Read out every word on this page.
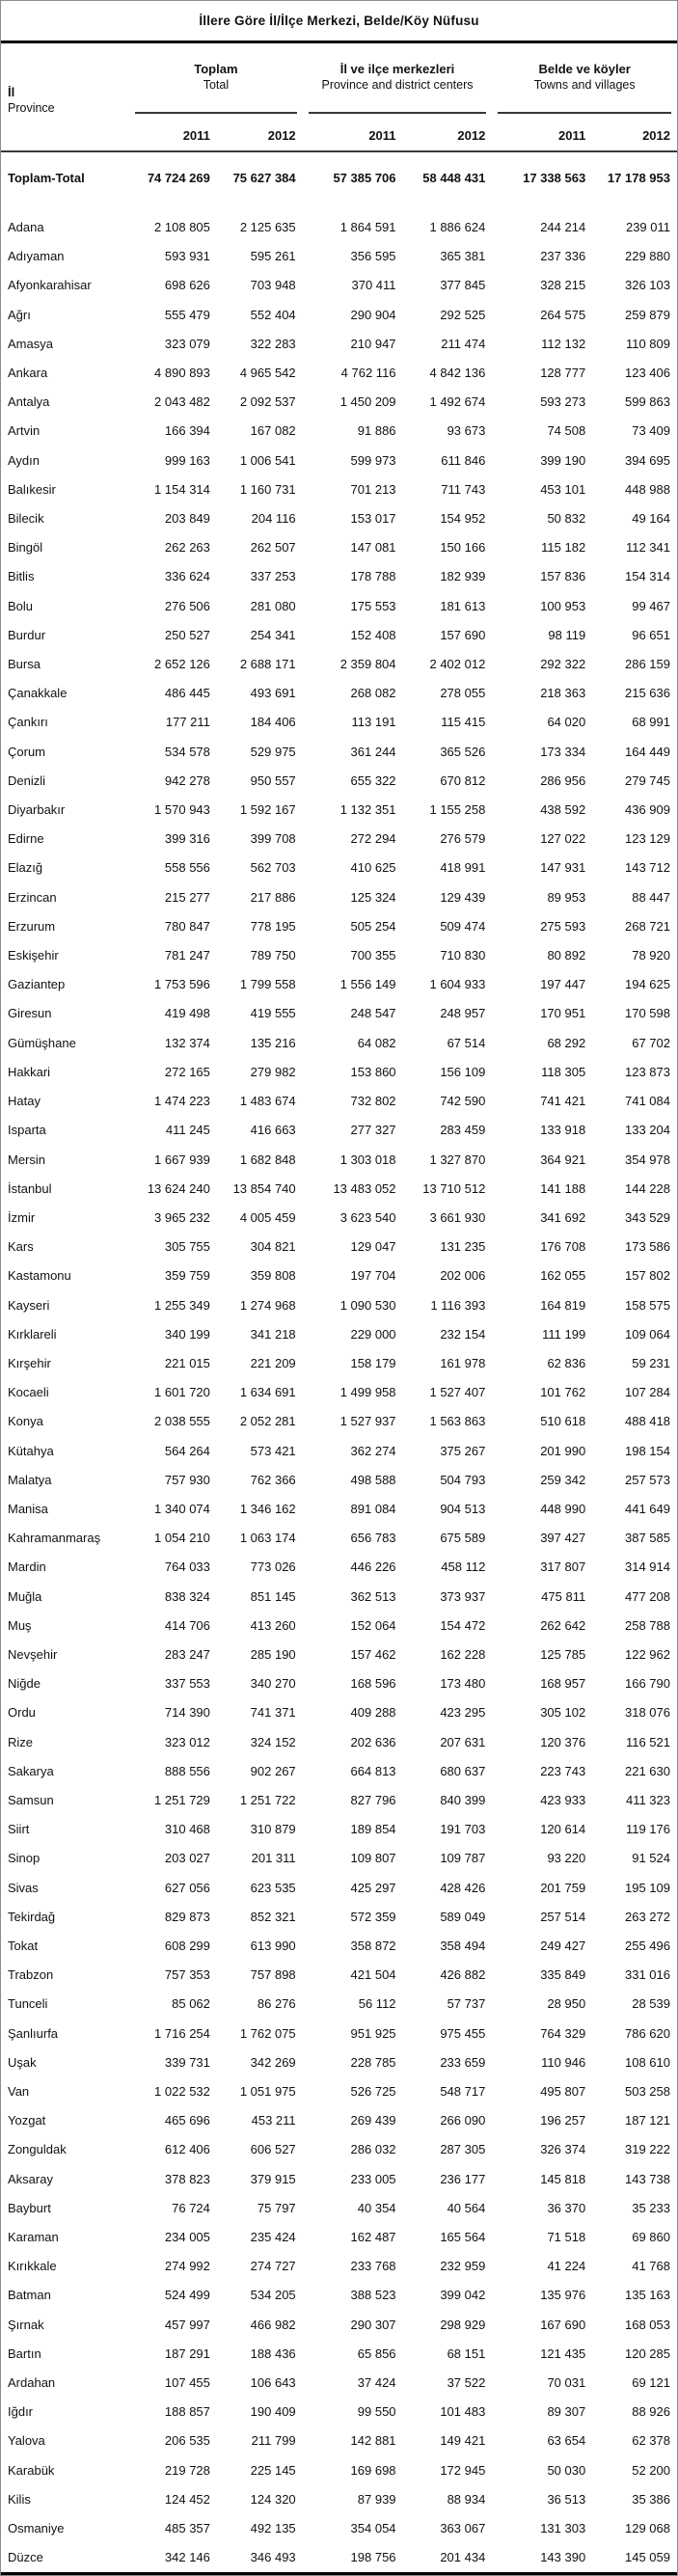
İllere Göre İl/İlçe Merkezi, Belde/Köy Nüfusu
İl
Province

Toplam
Total

İl ve ilçe merkezleri
Province and district centers

Belde ve köyler
Towns and villages

	2011	2012	2011	2012	2011	2012
Toplam-Total	74 724 269	75 627 384	57 385 706	58 448 431	17 338 563	17 178 953
Adana	2 108 805	2 125 635	1 864 591	1 886 624	244 214	239 011
Adıyaman	593 931	595 261	356 595	365 381	237 336	229 880
Afyonkarahisar	698 626	703 948	370 411	377 845	328 215	326 103
Ağrı	555 479	552 404	290 904	292 525	264 575	259 879
Amasya	323 079	322 283	210 947	211 474	112 132	110 809
Ankara	4 890 893	4 965 542	4 762 116	4 842 136	128 777	123 406
Antalya	2 043 482	2 092 537	1 450 209	1 492 674	593 273	599 863
Artvin	166 394	167 082	91 886	93 673	74 508	73 409
Aydın	999 163	1 006 541	599 973	611 846	399 190	394 695
Balıkesir	1 154 314	1 160 731	701 213	711 743	453 101	448 988
Bilecik	203 849	204 116	153 017	154 952	50 832	49 164
Bingöl	262 263	262 507	147 081	150 166	115 182	112 341
Bitlis	336 624	337 253	178 788	182 939	157 836	154 314
Bolu	276 506	281 080	175 553	181 613	100 953	99 467
Burdur	250 527	254 341	152 408	157 690	98 119	96 651
Bursa	2 652 126	2 688 171	2 359 804	2 402 012	292 322	286 159
Çanakkale	486 445	493 691	268 082	278 055	218 363	215 636
Çankırı	177 211	184 406	113 191	115 415	64 020	68 991
Çorum	534 578	529 975	361 244	365 526	173 334	164 449
Denizli	942 278	950 557	655 322	670 812	286 956	279 745
Diyarbakır	1 570 943	1 592 167	1 132 351	1 155 258	438 592	436 909
Edirne	399 316	399 708	272 294	276 579	127 022	123 129
Elazığ	558 556	562 703	410 625	418 991	147 931	143 712
Erzincan	215 277	217 886	125 324	129 439	89 953	88 447
Erzurum	780 847	778 195	505 254	509 474	275 593	268 721
Eskişehir	781 247	789 750	700 355	710 830	80 892	78 920
Gaziantep	1 753 596	1 799 558	1 556 149	1 604 933	197 447	194 625
Giresun	419 498	419 555	248 547	248 957	170 951	170 598
Gümüşhane	132 374	135 216	64 082	67 514	68 292	67 702
Hakkari	272 165	279 982	153 860	156 109	118 305	123 873
Hatay	1 474 223	1 483 674	732 802	742 590	741 421	741 084
Isparta	411 245	416 663	277 327	283 459	133 918	133 204
Mersin	1 667 939	1 682 848	1 303 018	1 327 870	364 921	354 978
İstanbul	13 624 240	13 854 740	13 483 052	13 710 512	141 188	144 228
İzmir	3 965 232	4 005 459	3 623 540	3 661 930	341 692	343 529
Kars	305 755	304 821	129 047	131 235	176 708	173 586
Kastamonu	359 759	359 808	197 704	202 006	162 055	157 802
Kayseri	1 255 349	1 274 968	1 090 530	1 116 393	164 819	158 575
Kırklareli	340 199	341 218	229 000	232 154	111 199	109 064
Kırşehir	221 015	221 209	158 179	161 978	62 836	59 231
Kocaeli	1 601 720	1 634 691	1 499 958	1 527 407	101 762	107 284
Konya	2 038 555	2 052 281	1 527 937	1 563 863	510 618	488 418
Kütahya	564 264	573 421	362 274	375 267	201 990	198 154
Malatya	757 930	762 366	498 588	504 793	259 342	257 573
Manisa	1 340 074	1 346 162	891 084	904 513	448 990	441 649
Kahramanmaraş	1 054 210	1 063 174	656 783	675 589	397 427	387 585
Mardin	764 033	773 026	446 226	458 112	317 807	314 914
Muğla	838 324	851 145	362 513	373 937	475 811	477 208
Muş	414 706	413 260	152 064	154 472	262 642	258 788
Nevşehir	283 247	285 190	157 462	162 228	125 785	122 962
Niğde	337 553	340 270	168 596	173 480	168 957	166 790
Ordu	714 390	741 371	409 288	423 295	305 102	318 076
Rize	323 012	324 152	202 636	207 631	120 376	116 521
Sakarya	888 556	902 267	664 813	680 637	223 743	221 630
Samsun	1 251 729	1 251 722	827 796	840 399	423 933	411 323
Siirt	310 468	310 879	189 854	191 703	120 614	119 176
Sinop	203 027	201 311	109 807	109 787	93 220	91 524
Sivas	627 056	623 535	425 297	428 426	201 759	195 109
Tekirdağ	829 873	852 321	572 359	589 049	257 514	263 272
Tokat	608 299	613 990	358 872	358 494	249 427	255 496
Trabzon	757 353	757 898	421 504	426 882	335 849	331 016
Tunceli	85 062	86 276	56 112	57 737	28 950	28 539
Şanlıurfa	1 716 254	1 762 075	951 925	975 455	764 329	786 620
Uşak	339 731	342 269	228 785	233 659	110 946	108 610
Van	1 022 532	1 051 975	526 725	548 717	495 807	503 258
Yozgat	465 696	453 211	269 439	266 090	196 257	187 121
Zonguldak	612 406	606 527	286 032	287 305	326 374	319 222
Aksaray	378 823	379 915	233 005	236 177	145 818	143 738
Bayburt	76 724	75 797	40 354	40 564	36 370	35 233
Karaman	234 005	235 424	162 487	165 564	71 518	69 860
Kırıkkale	274 992	274 727	233 768	232 959	41 224	41 768
Batman	524 499	534 205	388 523	399 042	135 976	135 163
Şırnak	457 997	466 982	290 307	298 929	167 690	168 053
Bartın	187 291	188 436	65 856	68 151	121 435	120 285
Ardahan	107 455	106 643	37 424	37 522	70 031	69 121
Iğdır	188 857	190 409	99 550	101 483	89 307	88 926
Yalova	206 535	211 799	142 881	149 421	63 654	62 378
Karabük	219 728	225 145	169 698	172 945	50 030	52 200
Kilis	124 452	124 320	87 939	88 934	36 513	35 386
Osmaniye	485 357	492 135	354 054	363 067	131 303	129 068
Düzce	342 146	346 493	198 756	201 434	143 390	145 059
